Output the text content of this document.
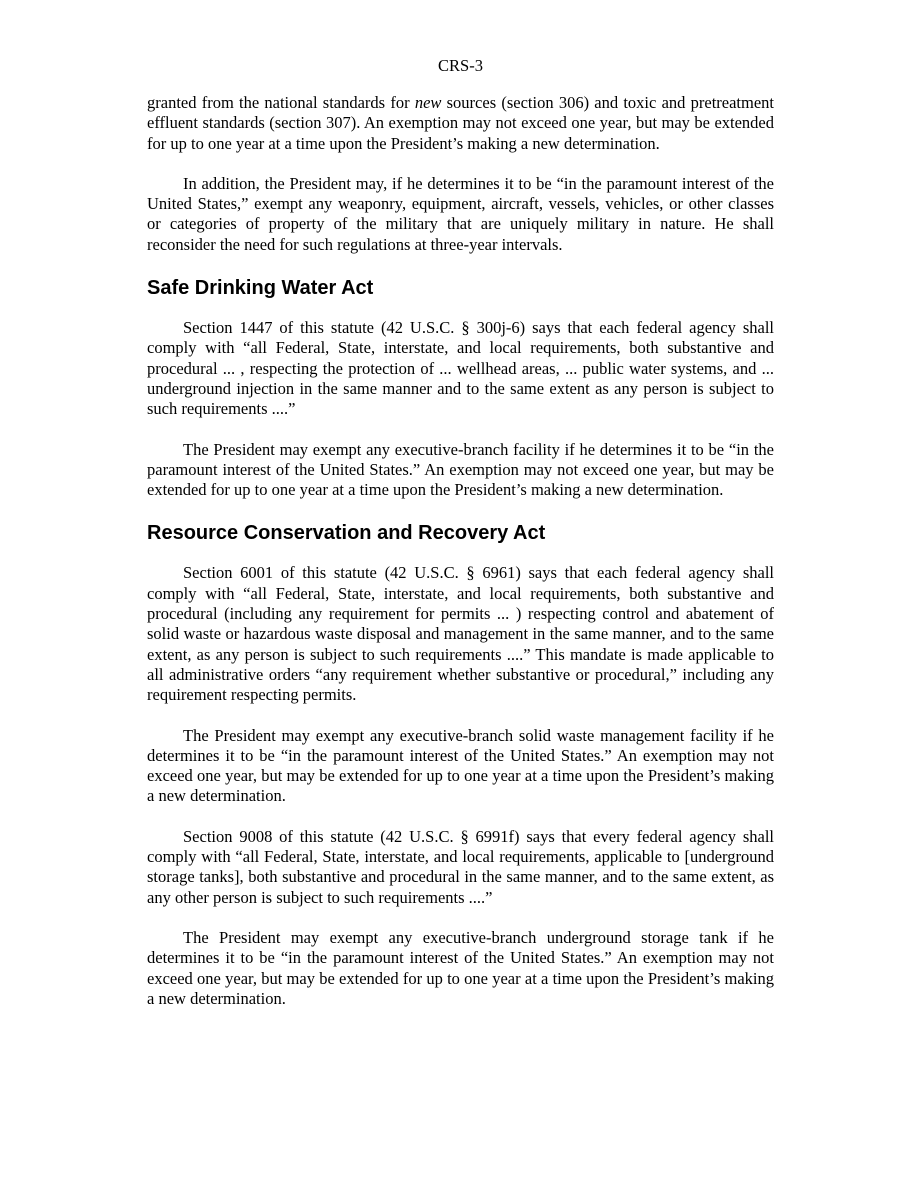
CRS-3

granted from the national standards for new sources (section 306) and toxic and pretreatment effluent standards (section 307). An exemption may not exceed one year, but may be extended for up to one year at a time upon the President’s making a new determination.

In addition, the President may, if he determines it to be “in the paramount interest of the United States,” exempt any weaponry, equipment, aircraft, vessels, vehicles, or other classes or categories of property of the military that are uniquely military in nature. He shall reconsider the need for such regulations at three-year intervals.

Safe Drinking Water Act

Section 1447 of this statute (42 U.S.C. § 300j-6) says that each federal agency shall comply with “all Federal, State, interstate, and local requirements, both substantive and procedural ... , respecting the protection of ... wellhead areas, ... public water systems, and ... underground injection in the same manner and to the same extent as any person is subject to such requirements ....”

The President may exempt any executive-branch facility if he determines it to be “in the paramount interest of the United States.” An exemption may not exceed one year, but may be extended for up to one year at a time upon the President’s making a new determination.

Resource Conservation and Recovery Act

Section 6001 of this statute (42 U.S.C. § 6961) says that each federal agency shall comply with “all Federal, State, interstate, and local requirements, both substantive and procedural (including any requirement for permits ... ) respecting control and abatement of solid waste or hazardous waste disposal and management in the same manner, and to the same extent, as any person is subject to such requirements ....” This mandate is made applicable to all administrative orders “any requirement whether substantive or procedural,” including any requirement respecting permits.

The President may exempt any executive-branch solid waste management facility if he determines it to be “in the paramount interest of the United States.” An exemption may not exceed one year, but may be extended for up to one year at a time upon the President’s making a new determination.

Section 9008 of this statute (42 U.S.C. § 6991f) says that every federal agency shall comply with “all Federal, State, interstate, and local requirements, applicable to [underground storage tanks], both substantive and procedural in the same manner, and to the same extent, as any other person is subject to such requirements ....”

The President may exempt any executive-branch underground storage tank if he determines it to be “in the paramount interest of the United States.” An exemption may not exceed one year, but may be extended for up to one year at a time upon the President’s making a new determination.
